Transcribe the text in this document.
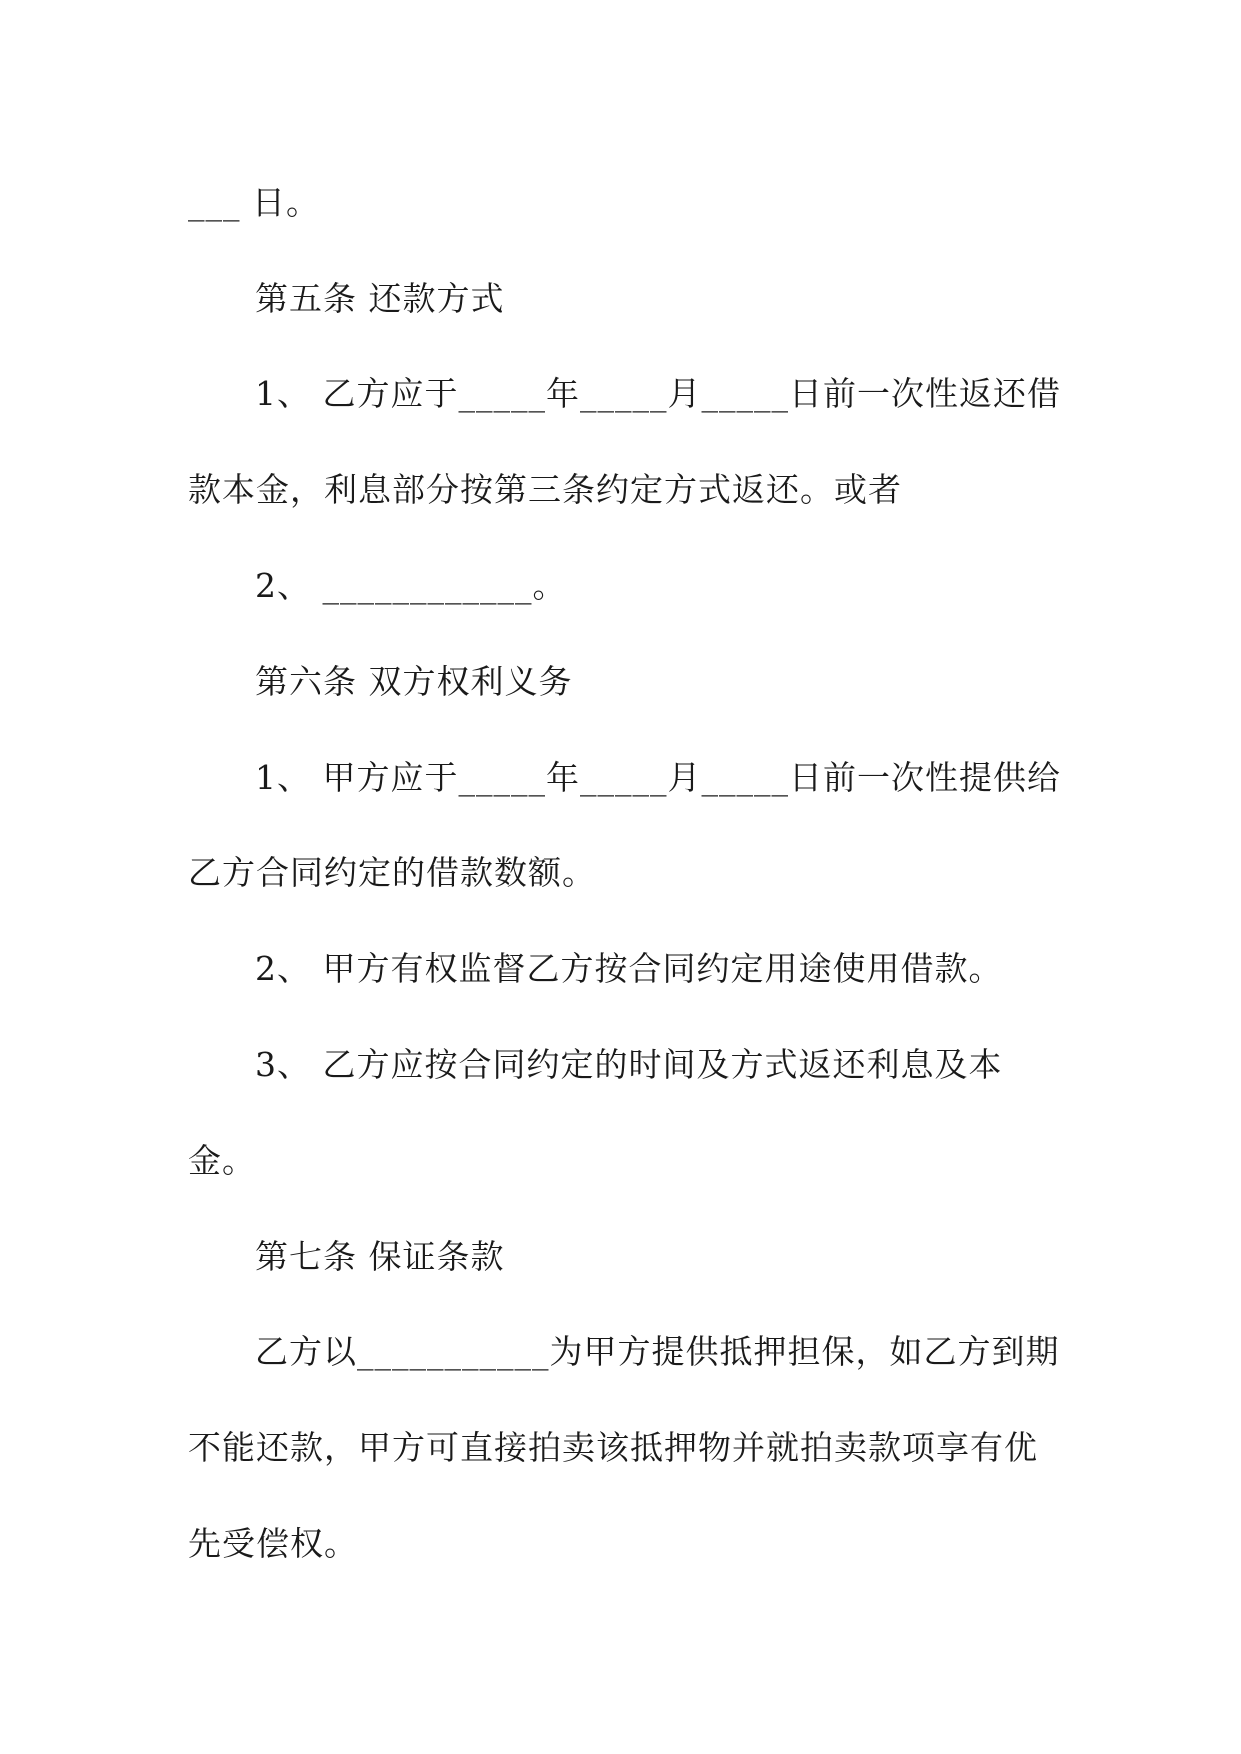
___ 日。
第五条 还款方式
1、 乙方应于_____年_____月_____日前一次性返还借
款本金，利息部分按第三条约定方式返还。或者
2、 ____________。
第六条 双方权利义务
1、 甲方应于_____年_____月_____日前一次性提供给
乙方合同约定的借款数额。
2、 甲方有权监督乙方按合同约定用途使用借款。
3、 乙方应按合同约定的时间及方式返还利息及本
金。
第七条 保证条款
乙方以___________为甲方提供抵押担保，如乙方到期
不能还款，甲方可直接拍卖该抵押物并就拍卖款项享有优
先受偿权。
